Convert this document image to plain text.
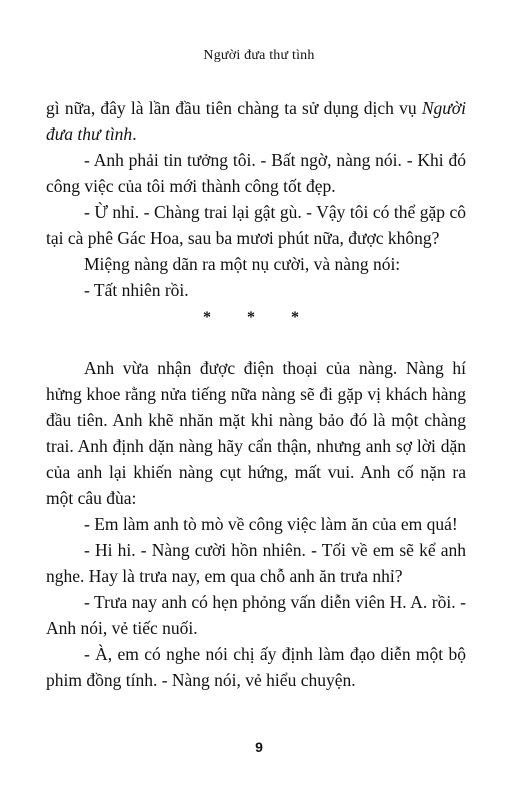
Người đưa thư tình

gì nữa, đây là lần đầu tiên chàng ta sử dụng dịch vụ Người đưa thư tình.

- Anh phải tin tưởng tôi. - Bất ngờ, nàng nói. - Khi đó công việc của tôi mới thành công tốt đẹp.

- Ừ nhỉ. - Chàng trai lại gật gù. - Vậy tôi có thể gặp cô tại cà phê Gác Hoa, sau ba mươi phút nữa, được không?

Miệng nàng dãn ra một nụ cười, và nàng nói:

- Tất nhiên rồi.

* * *

Anh vừa nhận được điện thoại của nàng. Nàng hí hửng khoe rằng nửa tiếng nữa nàng sẽ đi gặp vị khách hàng đầu tiên. Anh khẽ nhăn mặt khi nàng bảo đó là một chàng trai. Anh định dặn nàng hãy cẩn thận, nhưng anh sợ lời dặn của anh lại khiến nàng cụt hứng, mất vui. Anh cố nặn ra một câu đùa:

- Em làm anh tò mò về công việc làm ăn của em quá!

- Hi hi. - Nàng cười hồn nhiên. - Tối về em sẽ kể anh nghe. Hay là trưa nay, em qua chỗ anh ăn trưa nhỉ?

- Trưa nay anh có hẹn phỏng vấn diễn viên H. A. rồi. - Anh nói, vẻ tiếc nuối.

- À, em có nghe nói chị ấy định làm đạo diễn một bộ phim đồng tính. - Nàng nói, vẻ hiểu chuyện.

9
